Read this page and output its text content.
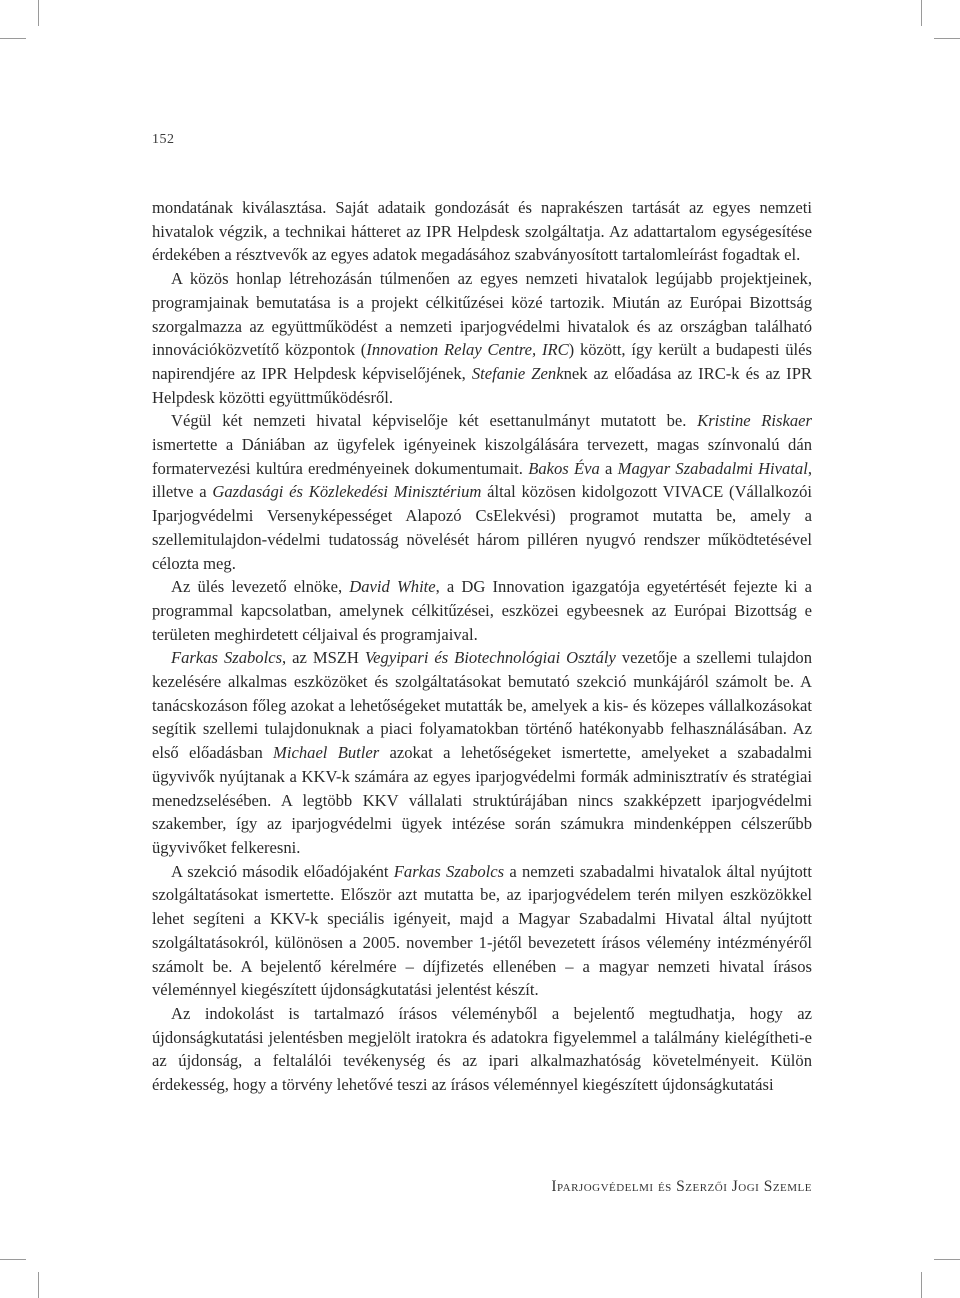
152

mondatának kiválasztása. Saját adataik gondozását és naprakészen tartását az egyes nemzeti hivatalok végzik, a technikai hátteret az IPR Helpdesk szolgáltatja. Az adattartalom egységesítése érdekében a résztvevők az egyes adatok megadásához szabványosított tartalomleírást fogadtak el.

A közös honlap létrehozásán túlmenően az egyes nemzeti hivatalok legújabb projektjeinek, programjainak bemutatása is a projekt célkitűzései közé tartozik. Miután az Európai Bizottság szorgalmazza az együttműködést a nemzeti iparjogvédelmi hivatalok és az országban található innovációközvetítő központok (Innovation Relay Centre, IRC) között, így került a budapesti ülés napirendjére az IPR Helpdesk képviselőjének, Stefanie Zenknek az előadása az IRC-k és az IPR Helpdesk közötti együttműködésről.

Végül két nemzeti hivatal képviselője két esettanulmányt mutatott be. Kristine Riskaer ismertette a Dániában az ügyfelek igényeinek kiszolgálására tervezett, magas színvonalú dán formatervezési kultúra eredményeinek dokumentumait. Bakos Éva a Magyar Szabadalmi Hivatal, illetve a Gazdasági és Közlekedési Minisztérium által közösen kidolgozott VIVACE (Vállalkozói Iparjogvédelmi Versenyképességet Alapozó CsElekvési) programot mutatta be, amely a szellemitulajdon-védelmi tudatosság növelését három pilléren nyugvó rendszer működtetésével célozta meg.

Az ülés levezető elnöke, David White, a DG Innovation igazgatója egyetértését fejezte ki a programmal kapcsolatban, amelynek célkitűzései, eszközei egybeesnek az Európai Bizottság e területen meghirdetett céljaival és programjaival.

Farkas Szabolcs, az MSZH Vegyipari és Biotechnológiai Osztály vezetője a szellemi tulajdon kezelésére alkalmas eszközöket és szolgáltatásokat bemutató szekció munkájáról számolt be. A tanácskozáson főleg azokat a lehetőségeket mutatták be, amelyek a kis- és közepes vállalkozásokat segítik szellemi tulajdonuknak a piaci folyamatokban történő hatékonyabb felhasználásában. Az első előadásban Michael Butler azokat a lehetőségeket ismertette, amelyeket a szabadalmi ügyvivők nyújtanak a KKV-k számára az egyes iparjogvédelmi formák adminisztratív és stratégiai menedzselésében. A legtöbb KKV vállalati struktúrájában nincs szakképzett iparjogvédelmi szakember, így az iparjogvédelmi ügyek intézése során számukra mindenképpen célszerűbb ügyvivőket felkeresni.

A szekció második előadójaként Farkas Szabolcs a nemzeti szabadalmi hivatalok által nyújtott szolgáltatásokat ismertette. Először azt mutatta be, az iparjogvédelem terén milyen eszközökkel lehet segíteni a KKV-k speciális igényeit, majd a Magyar Szabadalmi Hivatal által nyújtott szolgáltatásokról, különösen a 2005. november 1-jétől bevezetett írásos vélemény intézményéről számolt be. A bejelentő kérelmére – díjfizetés ellenében – a magyar nemzeti hivatal írásos véleménnyel kiegészített újdonságkutatási jelentést készít.

Az indokolást is tartalmazó írásos véleményből a bejelentő megtudhatja, hogy az újdonságkutatási jelentésben megjelölt iratokra és adatokra figyelemmel a találmány kielégítheti-e az újdonság, a feltalálói tevékenység és az ipari alkalmazhatóság követelményeit. Külön érdekesség, hogy a törvény lehetővé teszi az írásos véleménnyel kiegészített újdonságkutatási

Iparjogvédelmi és Szerzői Jogi Szemle
